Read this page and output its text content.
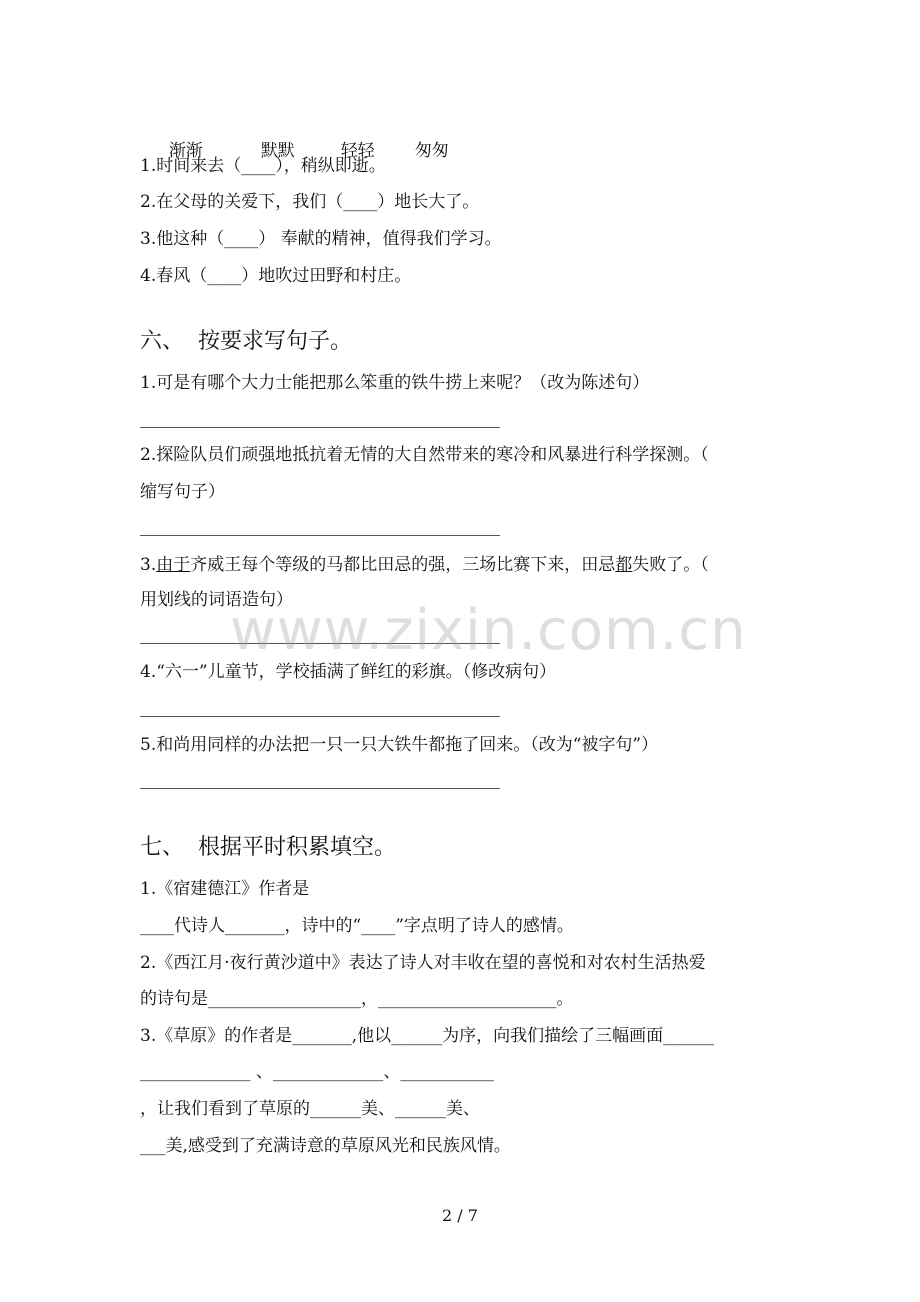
渐渐	默默	轻轻 匆匆

1.时间来去（____），稍纵即逝。
2.在父母的关爱下，我们（____）地长大了。
3.他这种（____） 奉献的精神，值得我们学习。
4.春风（____）地吹过田野和村庄。
六、  按要求写句子。
1.可是有哪个大力士能把那么笨重的铁牛捞上来呢？（改为陈述句）
2.探险队员们顽强地抵抗着无情的大自然带来的寒冷和风暴进行科学探测。（
缩写句子）
3.由于齐威王每个等级的马都比田忌的强，三场比赛下来，田忌都失败了。（
用划线的词语造句）
4.“六一”儿童节，学校插满了鲜红的彩旗。（修改病句）
5.和尚用同样的办法把一只一只大铁牛都拖了回来。（改为“被字句”）
七、  根据平时积累填空。
1.《宿建德江》作者是
____代诗人_______，诗中的“____”字点明了诗人的感情。
2.《西江月·夜行黄沙道中》表达了诗人对丰收在望的喜悦和对农村生活热爱
的诗句是__________________，_____________________。
3.《草原》的作者是_______,他以______为序，向我们描绘了三幅画面______
_____________ 、_____________、___________
，让我们看到了草原的______美、______美、
___美,感受到了充满诗意的草原风光和民族风情。
www.zixin.com.cn
2 / 7
